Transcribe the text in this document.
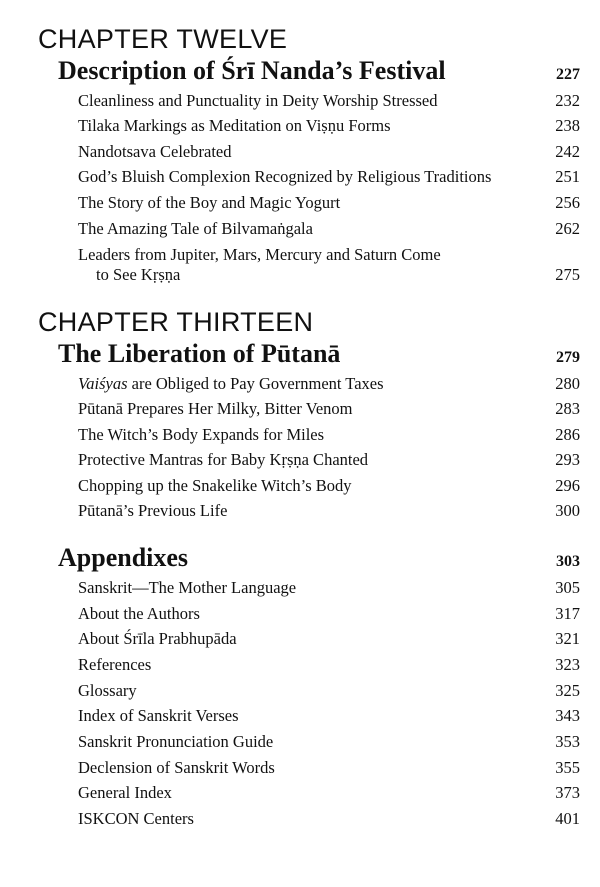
CHAPTER TWELVE
Description of Śrī Nanda’s Festival	227
Cleanliness and Punctuality in Deity Worship Stressed	232
Tilaka Markings as Meditation on Viṣṇu Forms	238
Nandotsava Celebrated	242
God’s Bluish Complexion Recognized by Religious Traditions	251
The Story of the Boy and Magic Yogurt	256
The Amazing Tale of Bilvamaṅgala	262
Leaders from Jupiter, Mars, Mercury and Saturn Come
to See Kṛṣṇa	275
CHAPTER THIRTEEN
The Liberation of Pūtanā	279
Vaiśyas are Obliged to Pay Government Taxes	280
Pūtanā Prepares Her Milky, Bitter Venom	283
The Witch’s Body Expands for Miles	286
Protective Mantras for Baby Kṛṣṇa Chanted	293
Chopping up the Snakelike Witch’s Body	296
Pūtanā’s Previous Life	300
Appendixes	303
Sanskrit—The Mother Language	305
About the Authors	317
About Śrīla Prabhupāda	321
References	323
Glossary	325
Index of Sanskrit Verses	343
Sanskrit Pronunciation Guide	353
Declension of Sanskrit Words	355
General Index	373
ISKCON Centers	401
